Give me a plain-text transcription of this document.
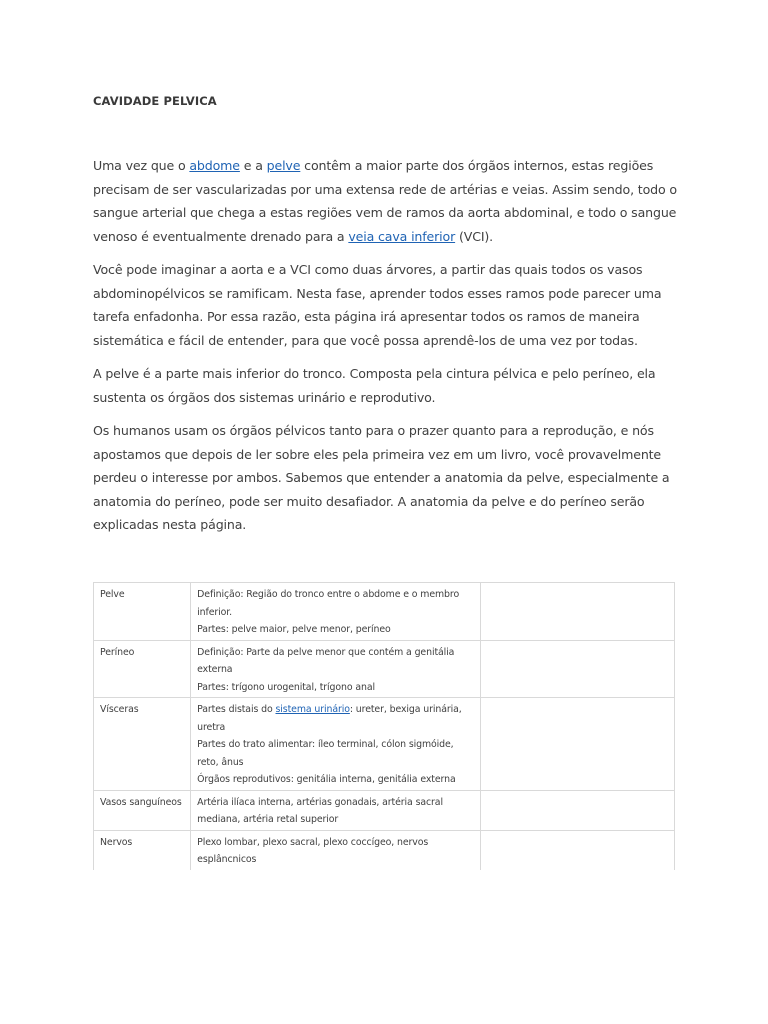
CAVIDADE PELVICA

Uma vez que o abdome e a pelve contêm a maior parte dos órgãos internos, estas regiões precisam de ser vascularizadas por uma extensa rede de artérias e veias. Assim sendo, todo o sangue arterial que chega a estas regiões vem de ramos da aorta abdominal, e todo o sangue venoso é eventualmente drenado para a veia cava inferior (VCI).

Você pode imaginar a aorta e a VCI como duas árvores, a partir das quais todos os vasos abdominopélvicos se ramificam. Nesta fase, aprender todos esses ramos pode parecer uma tarefa enfadonha. Por essa razão, esta página irá apresentar todos os ramos de maneira sistemática e fácil de entender, para que você possa aprendê-los de uma vez por todas.

A pelve é a parte mais inferior do tronco. Composta pela cintura pélvica e pelo períneo, ela sustenta os órgãos dos sistemas urinário e reprodutivo.

Os humanos usam os órgãos pélvicos tanto para o prazer quanto para a reprodução, e nós apostamos que depois de ler sobre eles pela primeira vez em um livro, você provavelmente perdeu o interesse por ambos. Sabemos que entender a anatomia da pelve, especialmente a anatomia do períneo, pode ser muito desafiador. A anatomia da pelve e do períneo serão explicadas nesta página.

Pelve	Definição: Região do tronco entre o abdome e o membro inferior.
Partes: pelve maior, pelve menor, períneo	

Períneo	Definição: Parte da pelve menor que contém a genitália externa
Partes: trígono urogenital, trígono anal	

Vísceras	Partes distais do sistema urinário: ureter, bexiga urinária, uretra
Partes do trato alimentar: íleo terminal, cólon sigmóide, reto, ânus
Órgãos reprodutivos: genitália interna, genitália externa	

Vasos sanguíneos	Artéria ilíaca interna, artérias gonadais, artéria sacral mediana, artéria retal superior	

Nervos	Plexo lombar, plexo sacral, plexo coccígeo, nervos esplâncnicos	
